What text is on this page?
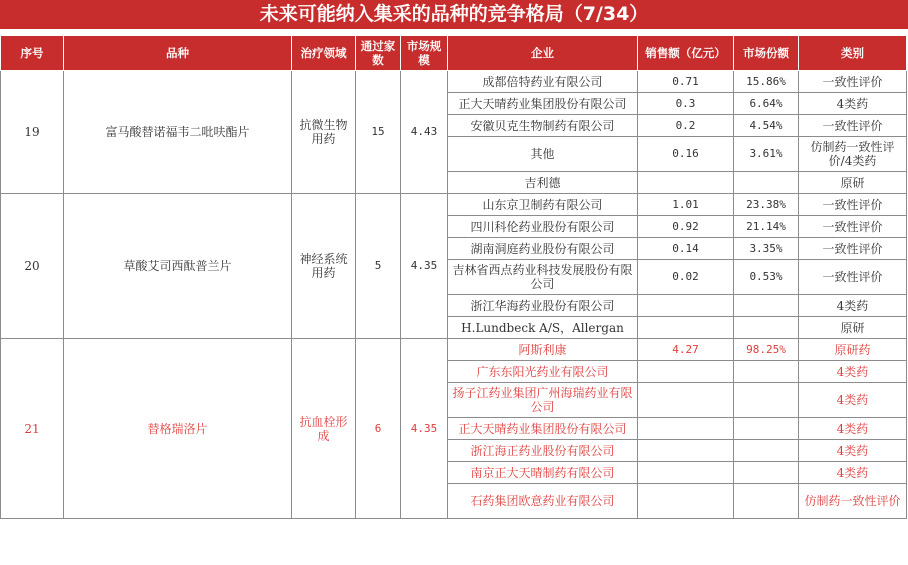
未来可能纳入集采的品种的竞争格局（7/34）
序号	品种	治疗领域	通过家数	市场规模	企业	销售额（亿元）	市场份额	类别
19	富马酸替诺福韦二吡呋酯片	抗微生物用药	15	4.43	成都倍特药业有限公司	0.71	15.86%	一致性评价
					正大天晴药业集团股份有限公司	0.3	6.64%	4类药
					安徽贝克生物制药有限公司	0.2	4.54%	一致性评价
					其他	0.16	3.61%	仿制药一致性评价/4类药
					吉利德			原研
20	草酸艾司西酞普兰片	神经系统用药	5	4.35	山东京卫制药有限公司	1.01	23.38%	一致性评价
					四川科伦药业股份有限公司	0.92	21.14%	一致性评价
					湖南洞庭药业股份有限公司	0.14	3.35%	一致性评价
					吉林省西点药业科技发展股份有限公司	0.02	0.53%	一致性评价
					浙江华海药业股份有限公司			4类药
					H.Lundbeck A/S，Allergan			原研
21	替格瑞洛片	抗血栓形成	6	4.35	阿斯利康	4.27	98.25%	原研药
					广东东阳光药业有限公司			4类药
					扬子江药业集团广州海瑞药业有限公司			4类药
					正大天晴药业集团股份有限公司			4类药
					浙江海正药业股份有限公司			4类药
					南京正大天晴制药有限公司			4类药
					石药集团欧意药业有限公司			仿制药一致性评价
